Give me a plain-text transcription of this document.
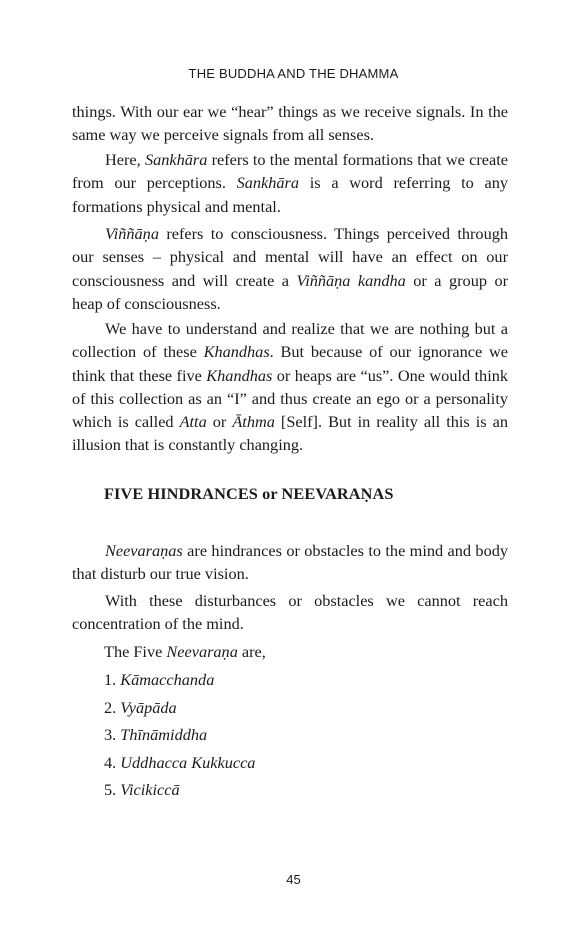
THE BUDDHA AND THE DHAMMA

things. With our ear we “hear” things as we receive signals. In the same way we perceive signals from all senses.

Here, Sankhāra refers to the mental formations that we create from our perceptions. Sankhāra is a word referring to any formations physical and mental.

Viññāṇa refers to consciousness. Things perceived through our senses – physical and mental will have an effect on our consciousness and will create a Viññāṇa kandha or a group or heap of consciousness.

We have to understand and realize that we are nothing but a collection of these Khandhas. But because of our ignorance we think that these five Khandhas or heaps are “us”. One would think of this collection as an “I” and thus create an ego or a personality which is called Atta or Āthma [Self]. But in reality all this is an illusion that is constantly changing.

FIVE HINDRANCES or NEEVARAṆAS

Neevaraṇas are hindrances or obstacles to the mind and body that disturb our true vision.

With these disturbances or obstacles we cannot reach concentration of the mind.

The Five Neevaraṇa are,
1. Kāmacchanda
2. Vyāpāda
3. Thīnāmiddha
4. Uddhacca Kukkucca
5. Vicikiccā
45
